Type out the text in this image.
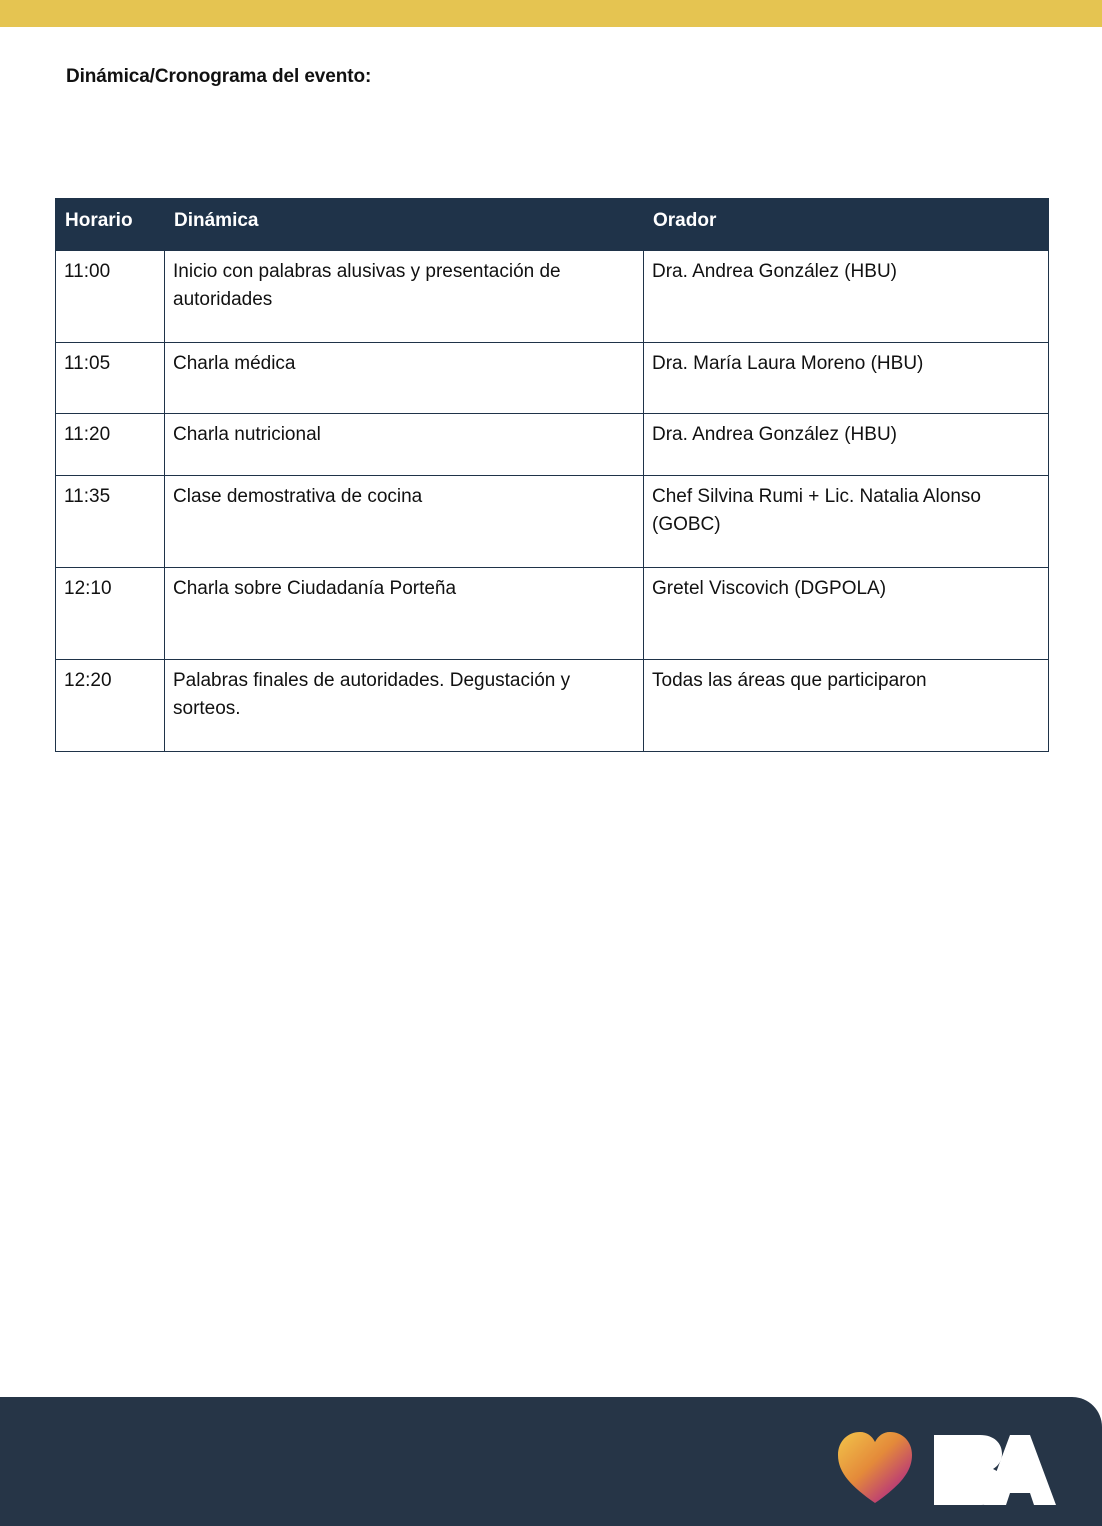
Dinámica/Cronograma del evento:
Horario	Dinámica	Orador
11:00	Inicio con palabras alusivas y presentación de autoridades	Dra. Andrea González (HBU)
11:05	Charla médica	Dra. María Laura Moreno (HBU)
11:20	Charla nutricional	Dra. Andrea González (HBU)
11:35	Clase demostrativa de cocina	Chef Silvina Rumi + Lic. Natalia Alonso (GOBC)
12:10	Charla sobre Ciudadanía Porteña	Gretel Viscovich (DGPOLA)
12:20	Palabras finales de autoridades. Degustación y sorteos.	Todas las áreas que participaron
